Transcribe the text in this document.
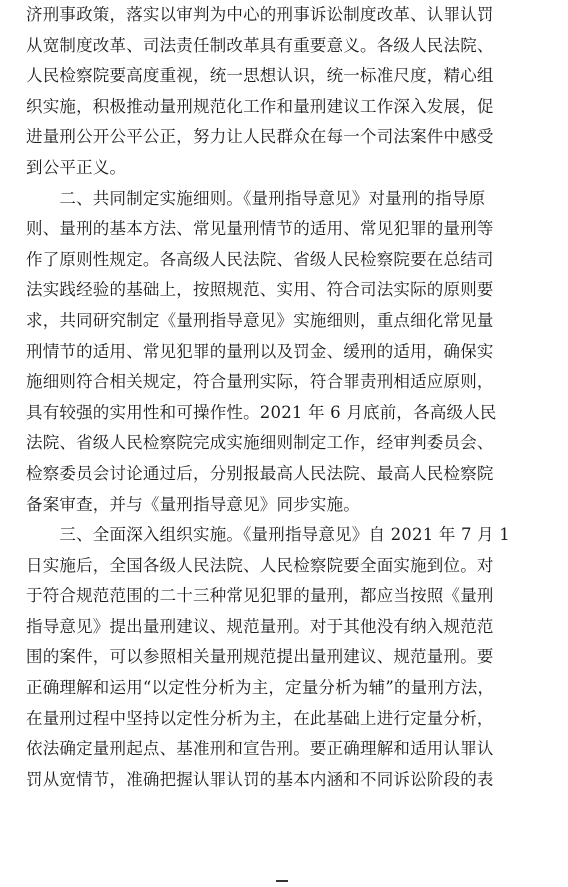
济刑事政策，落实以审判为中心的刑事诉讼制度改革、认罪认罚
从宽制度改革、司法责任制改革具有重要意义。各级人民法院、
人民检察院要高度重视，统一思想认识，统一标准尺度，精心组
织实施，积极推动量刑规范化工作和量刑建议工作深入发展，促
进量刑公开公平公正，努力让人民群众在每一个司法案件中感受
到公平正义。
　　二、共同制定实施细则。《量刑指导意见》对量刑的指导原
则、量刑的基本方法、常见量刑情节的适用、常见犯罪的量刑等
作了原则性规定。各高级人民法院、省级人民检察院要在总结司
法实践经验的基础上，按照规范、实用、符合司法实际的原则要
求，共同研究制定《量刑指导意见》实施细则，重点细化常见量
刑情节的适用、常见犯罪的量刑以及罚金、缓刑的适用，确保实
施细则符合相关规定，符合量刑实际，符合罪责刑相适应原则，
具有较强的实用性和可操作性。2021 年 6 月底前，各高级人民
法院、省级人民检察院完成实施细则制定工作，经审判委员会、
检察委员会讨论通过后，分别报最高人民法院、最高人民检察院
备案审查，并与《量刑指导意见》同步实施。
　　三、全面深入组织实施。《量刑指导意见》自 2021 年 7 月 1
日实施后，全国各级人民法院、人民检察院要全面实施到位。对
于符合规范范围的二十三种常见犯罪的量刑，都应当按照《量刑
指导意见》提出量刑建议、规范量刑。对于其他没有纳入规范范
围的案件，可以参照相关量刑规范提出量刑建议、规范量刑。要
正确理解和运用“以定性分析为主，定量分析为辅”的量刑方法，
在量刑过程中坚持以定性分析为主，在此基础上进行定量分析，
依法确定量刑起点、基准刑和宣告刑。要正确理解和适用认罪认
罚从宽情节，准确把握认罪认罚的基本内涵和不同诉讼阶段的表
